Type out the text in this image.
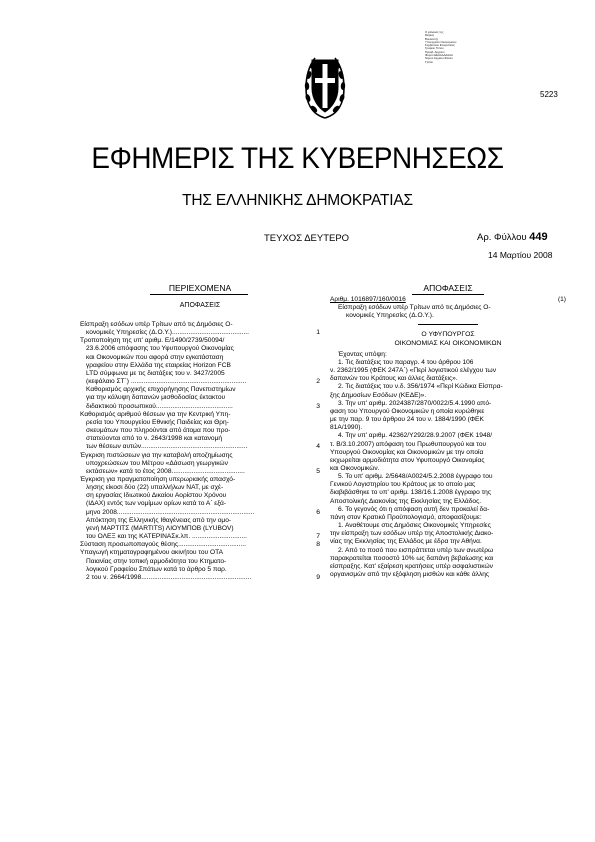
Ο φύλακας της
Μαρίας
Βουλευτής
Υπουργείου Οικονομικών
Συμβούλου Επικρατείας
Γραφείο Τύπου
Πρεσβ. Αρχείου
Φόρου ΕΕΑΑΑΑΑΑΑΑ
Νομού Αρχείου Φύλλο
Τρίτου
5223
ΕΦΗΜΕΡΙΣ ΤΗΣ ΚΥΒΕΡΝΗΣΕΩΣ
ΤΗΣ ΕΛΛΗΝΙΚΗΣ ΔΗΜΟΚΡΑΤΙΑΣ
ΤΕΥΧΟΣ ΔΕΥΤΕΡΟ	Αρ. Φύλλου 449
14 Μαρτίου 2008
ΠΕΡΙΕΧΟΜΕΝΑ
ΑΠΟΦΑΣΕΙΣ

Είσπραξη εσόδων υπέρ Τρίτων από τις Δημόσιες Ο-

κονομικές Υπηρεσίες (Δ.Ο.Υ.)..........................................	1

Τροποποίηση της υπ' αριθμ. Ε/1490/2739/50094/

23.6.2006 απόφασης του Υφυπουργού Οικονομίας

και Οικονομικών που αφορά στην εγκατάσταση

γραφείου στην Ελλάδα της εταιρείας Horizon FCB

LTD σύμφωνα με τις διατάξεις του ν. 3427/2005

(κεφάλαιο ΣΤ΄) ...............................................................	2

Καθορισμός αρχικής επιχορήγησης Πανεπιστημίων

για την κάλυψη δαπανών μισθοδοσίας έκτακτου

διδακτικού προσωπικού..........................................	3

Καθορισμός αριθμού θέσεων για την Κεντρική Υπη-

ρεσία του Υπουργείου Εθνικής Παιδείας και Θρη-

σκευμάτων που πληρούνται από άτομα που προ-

στατεύονται από το ν. 2643/1998 και κατανομή

των θέσεων αυτών..........................................................	4

Έγκριση πιστώσεων για την καταβολή αποζημίωσης

υποχρεώσεων του Μέτρου «Δάσωση γεωργικών

εκτάσεων» κατά το έτος 2008........................................	5

Έγκριση για πραγματοποίηση υπερωριακής απασχό-

λησης είκοσι δύο (22) υπαλλήλων ΝΑΤ, με σχέ-

ση εργασίας Ιδιωτικού Δικαίου Αορίστου Χρόνου

(ΙΔΑΧ) εντός των νομίμων ορίων κατά το Α΄ εξά-

μηνο 2008...........................................................................	6

Απόκτηση της Ελληνικής Ιθαγένειας από την ομο-

γενή ΜΑΡΤΙΤΣ (MARTITS) ΛΙΟΥΜΠΟΒ (LYUBOV)

του ΟΛΕΞ και της ΚΑΤΕΡΙΝΑΣκ.λπ. ..............................	7

Σύσταση προσωποπαγούς θέσης.....................................	8

Υπαγωγή κτηματογραφημένου ακινήτου του ΟΤΑ

Παιανίας στην τοπική αρμοδιότητα του Κτηματο-

λογικού Γραφείου Σπάτων κατά το άρθρο 5 παρ.

2 του ν. 2664/1998............................................................	9
ΑΠΟΦΑΣΕΙΣ

Αριθμ. 1016897/160/0016	(1)

Είσπραξη εσόδων υπέρ Τρίτων από τις Δημόσιες Ο-

κονομικές Υπηρεσίες (Δ.Ο.Υ.).

Ο ΥΦΥΠΟΥΡΓΟΣ

ΟΙΚΟΝΟΜΙΑΣ ΚΑΙ ΟΙΚΟΝΟΜΙΚΩΝ

Έχοντας υπόψη:

1. Τις διατάξεις του παραγρ. 4 του άρθρου 106

ν. 2362/1995 (ΦΕΚ 247Α΄) «Περί λογιστικού ελέγχου των

δαπανών του Κράτους και άλλες διατάξεις».

2. Τις διατάξεις του ν.δ. 356/1974 «Περί Κώδικα Είσπρα-

ξης Δημοσίων Εσόδων (ΚΕΔΕ)».

3. Την υπ' αριθμ. 2024387/2870/0022/5.4.1990 από-

φαση του Υπουργού Οικονομικών η οποία κυρώθηκε

με την παρ. 9 του άρθρου 24 του ν. 1884/1990 (ΦΕΚ

81Α/1990).

4. Την υπ' αριθμ. 42362/Υ292/28.9.2007 (ΦΕΚ 1948/

τ. Β/3.10.2007) απόφαση του Πρωθυπουργού και του

Υπουργού Οικονομίας και Οικονομικών με την οποία

εκχωρείται αρμοδιότητα στον Υφυπουργό Οικονομίας

και Οικονομικών.

5. Το υπ' αριθμ. 2/5648/Α0024/5.2.2008 έγγραφο του

Γενικού Λογιστηρίου του Κράτους με το οποίο μας

διαβιβάσθηκε το υπ' αριθμ. 138/16.1.2008 έγγραφο της

Αποστολικής Διακονίας της Εκκλησίας της Ελλάδος.

6. Το γεγονός ότι η απόφαση αυτή δεν προκαλεί δα-

πάνη στον Κρατικό Προϋπολογισμό, αποφασίζουμε:

1. Αναθέτουμε στις Δημόσιες Οικονομικές Υπηρεσίες

την είσπραξη των εσόδων υπέρ της Αποστολικής Διακο-

νίας της Εκκλησίας της Ελλάδος με έδρα την Αθήνα.

2. Από το ποσό που εισπράττεται υπέρ των ανωτέρω

παρακρατείται ποσοστό 10% ως δαπάνη βεβαίωσης και

είσπραξης. Κατ' εξαίρεση κρατήσεις υπέρ ασφαλιστικών

οργανισμών από την εξόφληση μισθών και κάθε άλλης
